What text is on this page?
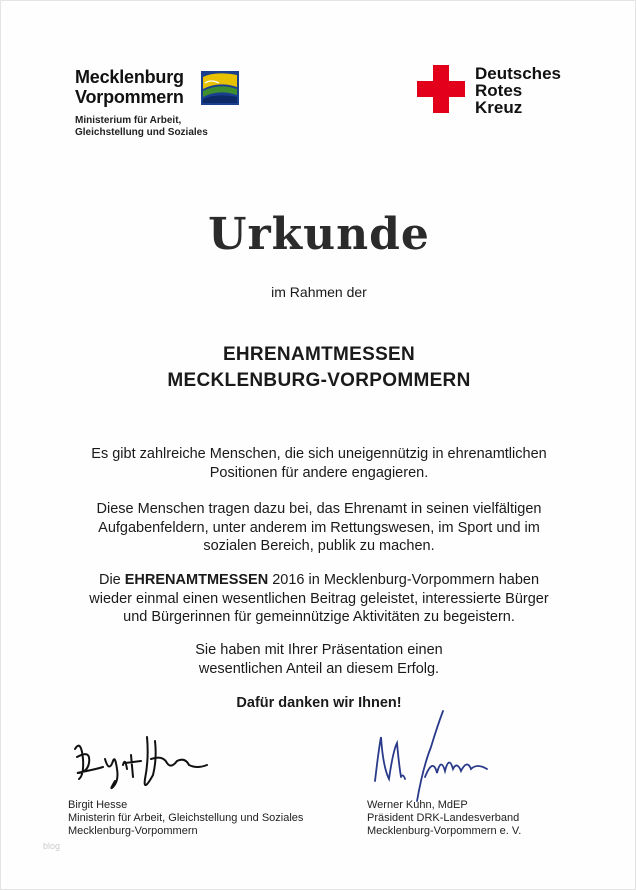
Mecklenburg
Vorpommern
Ministerium für Arbeit,
Gleichstellung und Soziales
Deutsches
Rotes
Kreuz
Urkunde
im Rahmen der
EHRENAMTMESSEN
MECKLENBURG-VORPOMMERN
Es gibt zahlreiche Menschen, die sich uneigennützig in ehrenamtlichen
Positionen für andere engagieren.
Diese Menschen tragen dazu bei, das Ehrenamt in seinen vielfältigen
Aufgabenfeldern, unter anderem im Rettungswesen, im Sport und im
sozialen Bereich, publik zu machen.
Die EHRENAMTMESSEN 2016 in Mecklenburg-Vorpommern haben
wieder einmal einen wesentlichen Beitrag geleistet, interessierte Bürger
und Bürgerinnen für gemeinnützige Aktivitäten zu begeistern.
Sie haben mit Ihrer Präsentation einen
wesentlichen Anteil an diesem Erfolg.
Dafür danken wir Ihnen!
Birgit Hesse
Ministerin für Arbeit, Gleichstellung und Soziales
Mecklenburg-Vorpommern
Werner Kuhn, MdEP
Präsident DRK-Landesverband
Mecklenburg-Vorpommern e. V.
blog
